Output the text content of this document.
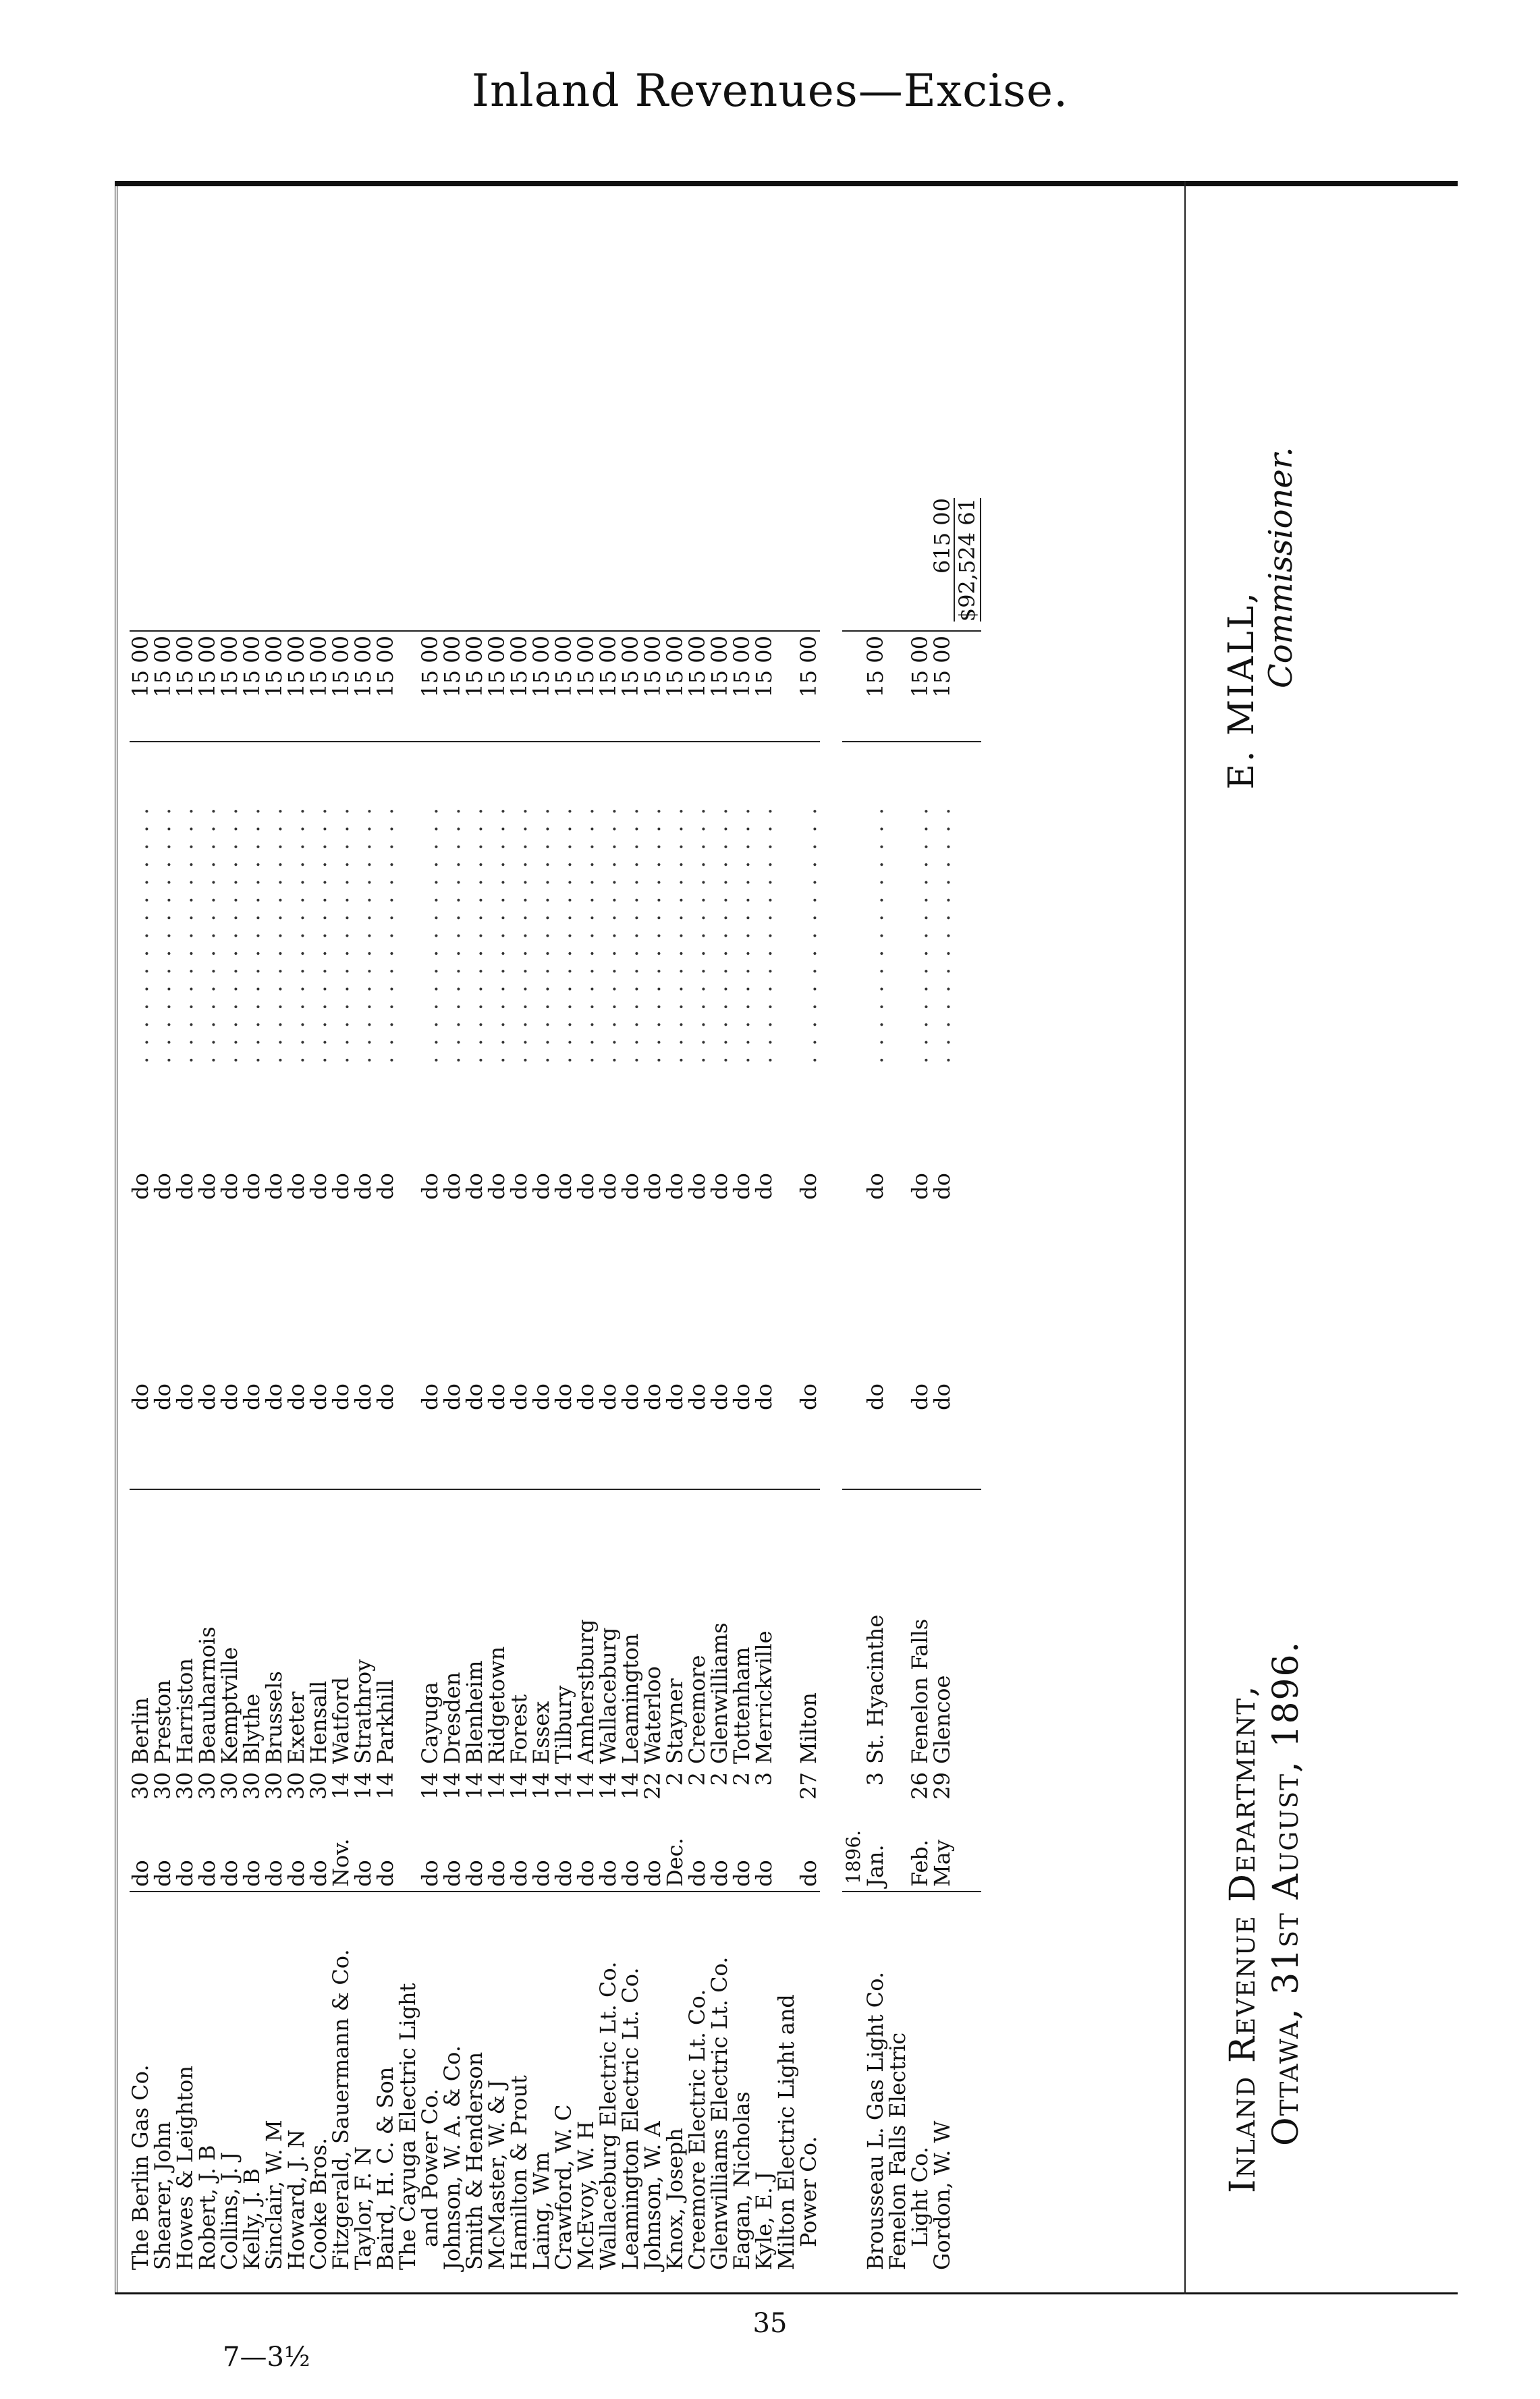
Inland Revenues—Excise.
The Berlin Gas Co.	do	30	Berlin	do	do	. . . . . . . . . . . . . . .	15 00	
Shearer, John	do	30	Preston	do	do	. . . . . . . . . . . . . . .	15 00	
Howes & Leighton	do	30	Harriston	do	do	. . . . . . . . . . . . . . .	15 00	
Robert, J. B	do	30	Beauharnois	do	do	. . . . . . . . . . . . . . .	15 00	
Collins, J. J	do	30	Kemptville	do	do	. . . . . . . . . . . . . . .	15 00	
Kelly, J. B	do	30	Blythe	do	do	. . . . . . . . . . . . . . .	15 00	
Sinclair, W. M	do	30	Brussels	do	do	. . . . . . . . . . . . . . .	15 00	
Howard, J. N	do	30	Exeter	do	do	. . . . . . . . . . . . . . .	15 00	
Cooke Bros.	do	30	Hensall	do	do	. . . . . . . . . . . . . . .	15 00	
Fitzgerald, Sauermann & Co.	Nov.	14	Watford	do	do	. . . . . . . . . . . . . . .	15 00	
Taylor, F. N	do	14	Strathroy	do	do	. . . . . . . . . . . . . . .	15 00	
Baird, H. C. & Son	do	14	Parkhill	do	do	. . . . . . . . . . . . . . .	15 00	
The Cayuga Electric Light								
and Power Co.	do	14	Cayuga	do	do	. . . . . . . . . . . . . . .	15 00	
Johnson, W. A. & Co.	do	14	Dresden	do	do	. . . . . . . . . . . . . . .	15 00	
Smith & Henderson	do	14	Blenheim	do	do	. . . . . . . . . . . . . . .	15 00	
McMaster, W. & J	do	14	Ridgetown	do	do	. . . . . . . . . . . . . . .	15 00	
Hamilton & Prout	do	14	Forest	do	do	. . . . . . . . . . . . . . .	15 00	
Laing, Wm	do	14	Essex	do	do	. . . . . . . . . . . . . . .	15 00	
Crawford, W. C	do	14	Tilbury	do	do	. . . . . . . . . . . . . . .	15 00	
McEvoy, W. H	do	14	Amherstburg	do	do	. . . . . . . . . . . . . . .	15 00	
Wallaceburg Electric Lt. Co.	do	14	Wallaceburg	do	do	. . . . . . . . . . . . . . .	15 00	
Leamington Electric Lt. Co.	do	14	Leamington	do	do	. . . . . . . . . . . . . . .	15 00	
Johnson, W. A	do	22	Waterloo	do	do	. . . . . . . . . . . . . . .	15 00	
Knox, Joseph	Dec.	2	Stayner	do	do	. . . . . . . . . . . . . . .	15 00	
Creemore Electric Lt. Co.	do	2	Creemore	do	do	. . . . . . . . . . . . . . .	15 00	
Glenwilliams Electric Lt. Co.	do	2	Glenwilliams	do	do	. . . . . . . . . . . . . . .	15 00	
Eagan, Nicholas	do	2	Tottenham	do	do	. . . . . . . . . . . . . . .	15 00	
Kyle, E. J	do	3	Merrickville	do	do	. . . . . . . . . . . . . . .	15 00	
Milton Electric Light and								
Power Co.	do	27	Milton	do	do	. . . . . . . . . . . . . . .	15 00	

	1896.							
Brousseau L. Gas Light Co.	Jan.	3	St. Hyacinthe	do	do	. . . . . . . . . . . . . . .	15 00	
Fenelon Falls Electric								
Light Co.	Feb.	26	Fenelon Falls	do	do	. . . . . . . . . . . . . . .	15 00	
Gordon, W. W	May	29	Glencoe	do	do	. . . . . . . . . . . . . . .	15 00	615 00
								$92,524 61
Inland Revenue Department, Ottawa, 31st August, 1896.
E. MIALL,
Commissioner.
35
7—3½
